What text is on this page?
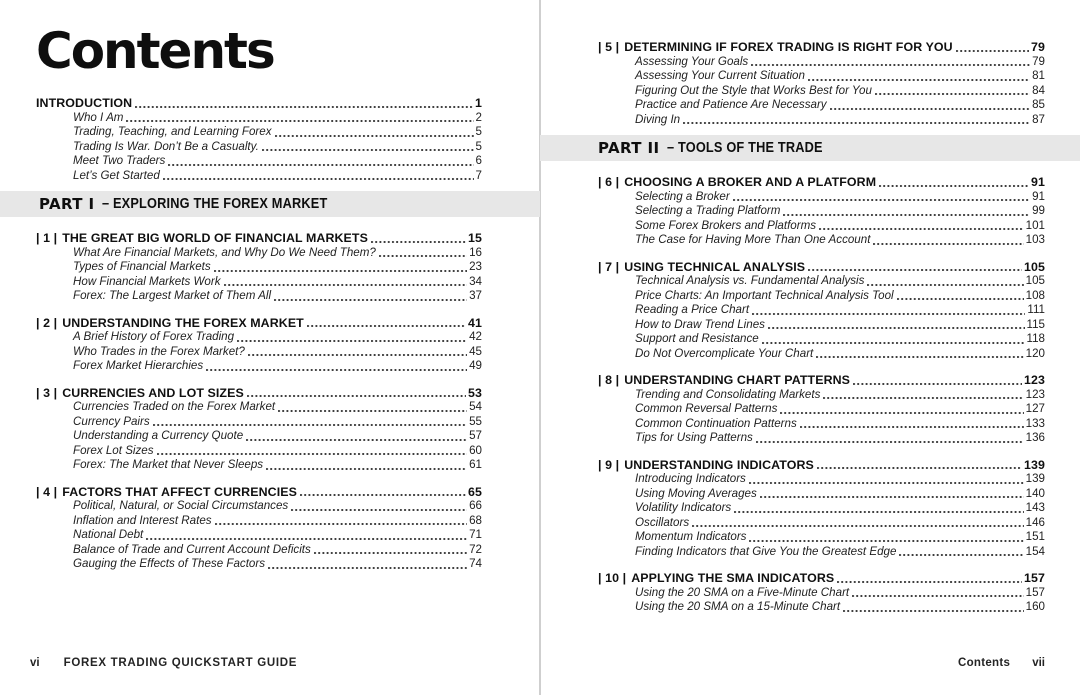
Contents
INTRODUCTION	1
Who I Am	2
Trading, Teaching, and Learning Forex	5
Trading Is War. Don’t Be a Casualty.	5
Meet Two Traders	6
Let’s Get Started	7
PART I – EXPLORING THE FOREX MARKET
| 1 | THE GREAT BIG WORLD OF FINANCIAL MARKETS	15
What Are Financial Markets, and Why Do We Need Them?	16
Types of Financial Markets	23
How Financial Markets Work	34
Forex: The Largest Market of Them All	37
| 2 | UNDERSTANDING THE FOREX MARKET	41
A Brief History of Forex Trading	42
Who Trades in the Forex Market?	45
Forex Market Hierarchies	49
| 3 | CURRENCIES AND LOT SIZES	53
Currencies Traded on the Forex Market	54
Currency Pairs	55
Understanding a Currency Quote	57
Forex Lot Sizes	60
Forex: The Market that Never Sleeps	61
| 4 | FACTORS THAT AFFECT CURRENCIES	65
Political, Natural, or Social Circumstances	66
Inflation and Interest Rates	68
National Debt	71
Balance of Trade and Current Account Deficits	72
Gauging the Effects of These Factors	74
| 5 | DETERMINING IF FOREX TRADING IS RIGHT FOR YOU	79
Assessing Your Goals	79
Assessing Your Current Situation	81
Figuring Out the Style that Works Best for You	84
Practice and Patience Are Necessary	85
Diving In	87
PART II – TOOLS OF THE TRADE
| 6 | CHOOSING A BROKER AND A PLATFORM	91
Selecting a Broker	91
Selecting a Trading Platform	99
Some Forex Brokers and Platforms	101
The Case for Having More Than One Account	103
| 7 | USING TECHNICAL ANALYSIS	105
Technical Analysis vs. Fundamental Analysis	105
Price Charts: An Important Technical Analysis Tool	108
Reading a Price Chart	111
How to Draw Trend Lines	115
Support and Resistance	118
Do Not Overcomplicate Your Chart	120
| 8 | UNDERSTANDING CHART PATTERNS	123
Trending and Consolidating Markets	123
Common Reversal Patterns	127
Common Continuation Patterns	133
Tips for Using Patterns	136
| 9 | UNDERSTANDING INDICATORS	139
Introducing Indicators	139
Using Moving Averages	140
Volatility Indicators	143
Oscillators	146
Momentum Indicators	151
Finding Indicators that Give You the Greatest Edge	154
| 10 | APPLYING THE SMA INDICATORS	157
Using the 20 SMA on a Five-Minute Chart	157
Using the 20 SMA on a 15-Minute Chart	160
vi FOREX TRADING QUICKSTART GUIDE	Contents vii
